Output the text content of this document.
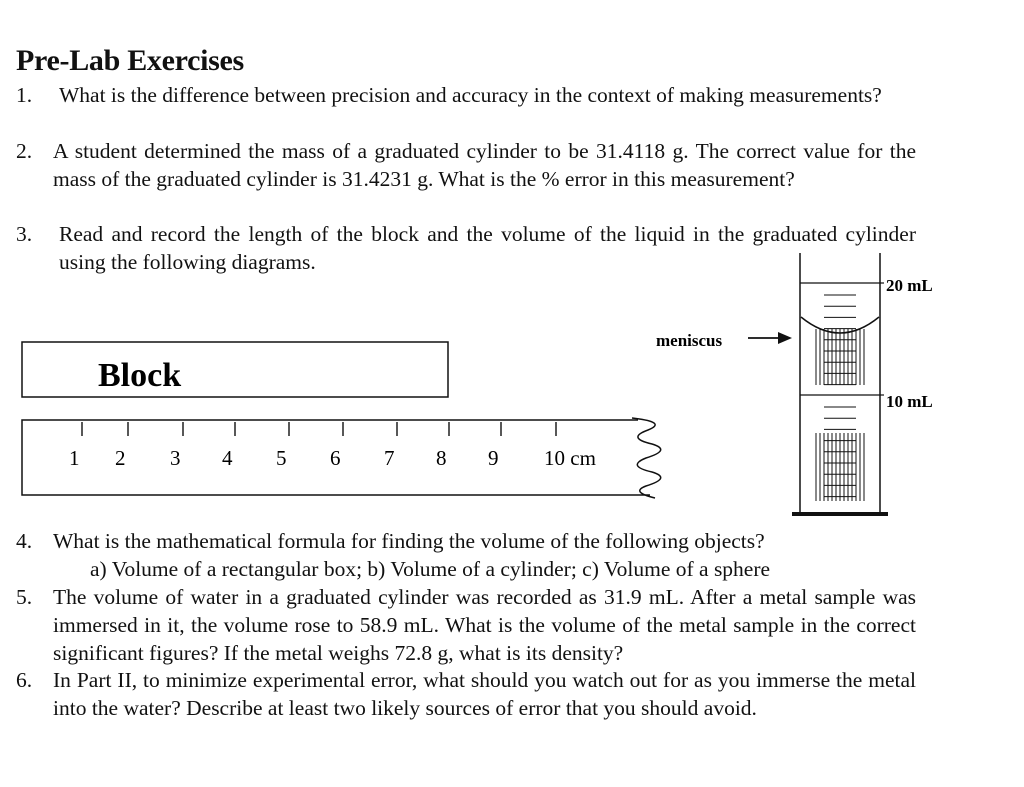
Pre-Lab Exercises
1. What is the difference between precision and accuracy in the context of making measurements?
2. A student determined the mass of a graduated cylinder to be 31.4118 g. The correct value for the mass of the graduated cylinder is 31.4231 g. What is the % error in this measurement?
3. Read and record the length of the block and the volume of the liquid in the graduated cylinder using the following diagrams.
Block
1 2 3 4 5 6 7 8 9 10 cm
20 mL
10 mL
meniscus
4. What is the mathematical formula for finding the volume of the following objects?
a) Volume of a rectangular box; b) Volume of a cylinder; c) Volume of a sphere
5. The volume of water in a graduated cylinder was recorded as 31.9 mL. After a metal sample was immersed in it, the volume rose to 58.9 mL. What is the volume of the metal sample in the correct significant figures? If the metal weighs 72.8 g, what is its density?
6. In Part II, to minimize experimental error, what should you watch out for as you immerse the metal into the water? Describe at least two likely sources of error that you should avoid.
